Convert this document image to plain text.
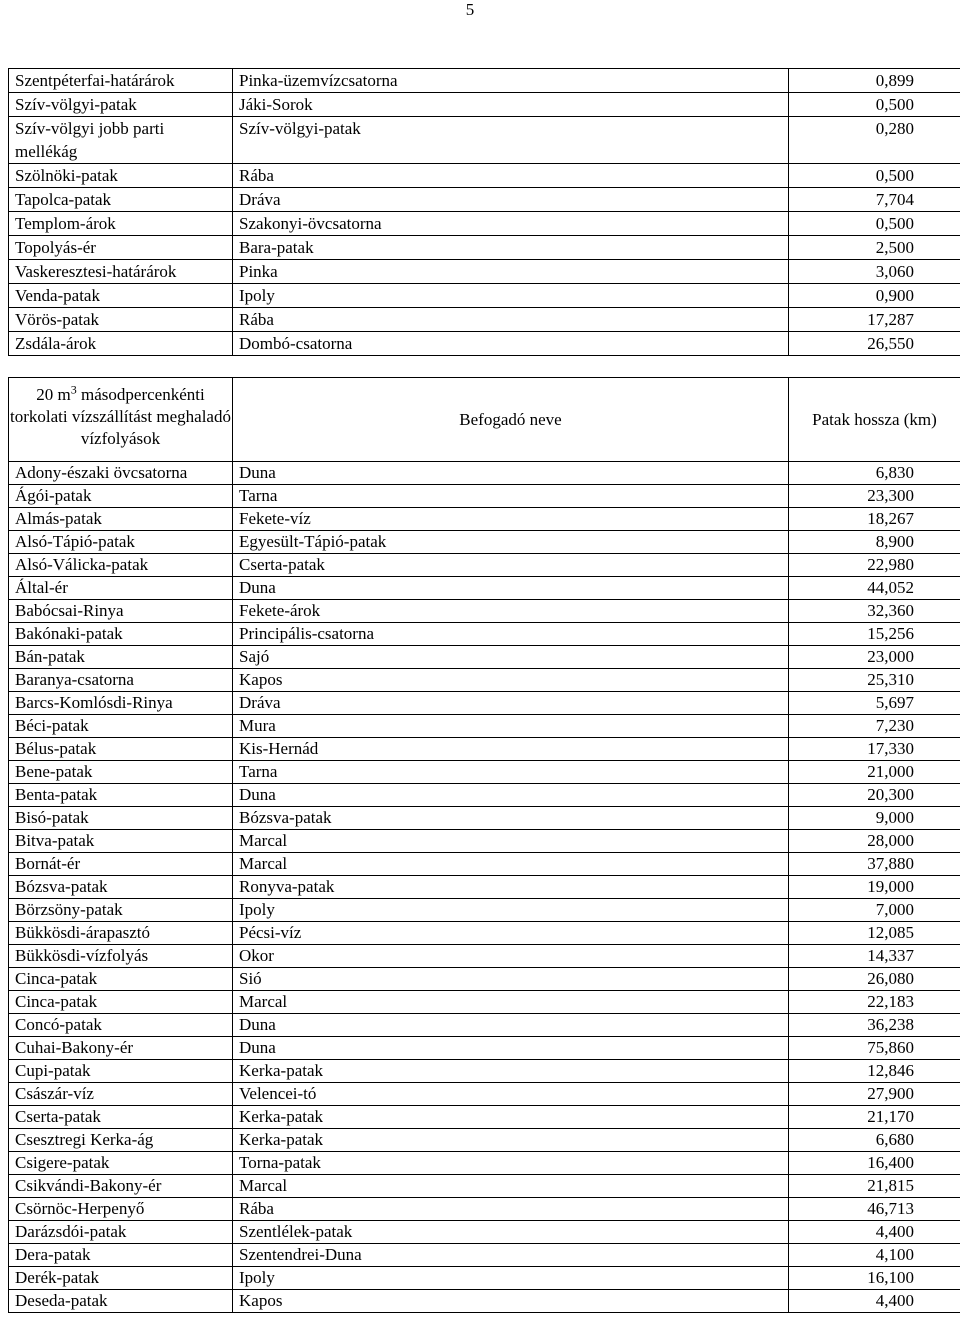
5
Szentpéterfai-határárok	Pinka-üzemvízcsatorna	0,899
Szív-völgyi-patak	Jáki-Sorok	0,500
Szív-völgyi jobb parti mellékág	Szív-völgyi-patak	0,280
Szölnöki-patak	Rába	0,500
Tapolca-patak	Dráva	7,704
Templom-árok	Szakonyi-övcsatorna	0,500
Topolyás-ér	Bara-patak	2,500
Vaskeresztesi-határárok	Pinka	3,060
Venda-patak	Ipoly	0,900
Vörös-patak	Rába	17,287
Zsdála-árok	Dombó-csatorna	26,550
20 $m^3$ másodpercenkénti torkolati vízszállítást meghaladó vízfolyások	Befogadó neve	Patak hossza (km)
Adony-északi övcsatorna	Duna	6,830
Ágói-patak	Tarna	23,300
Almás-patak	Fekete-víz	18,267
Alsó-Tápió-patak	Egyesült-Tápió-patak	8,900
Alsó-Válicka-patak	Cserta-patak	22,980
Által-ér	Duna	44,052
Babócsai-Rinya	Fekete-árok	32,360
Bakónaki-patak	Principális-csatorna	15,256
Bán-patak	Sajó	23,000
Baranya-csatorna	Kapos	25,310
Barcs-Komlósdi-Rinya	Dráva	5,697
Béci-patak	Mura	7,230
Bélus-patak	Kis-Hernád	17,330
Bene-patak	Tarna	21,000
Benta-patak	Duna	20,300
Bisó-patak	Bózsva-patak	9,000
Bitva-patak	Marcal	28,000
Bornát-ér	Marcal	37,880
Bózsva-patak	Ronyva-patak	19,000
Börzsöny-patak	Ipoly	7,000
Bükkösdi-árapasztó	Pécsi-víz	12,085
Bükkösdi-vízfolyás	Okor	14,337
Cinca-patak	Sió	26,080
Cinca-patak	Marcal	22,183
Concó-patak	Duna	36,238
Cuhai-Bakony-ér	Duna	75,860
Cupi-patak	Kerka-patak	12,846
Császár-víz	Velencei-tó	27,900
Cserta-patak	Kerka-patak	21,170
Csesztregi Kerka-ág	Kerka-patak	6,680
Csigere-patak	Torna-patak	16,400
Csikvándi-Bakony-ér	Marcal	21,815
Csörnöc-Herpenyő	Rába	46,713
Darázsdói-patak	Szentlélek-patak	4,400
Dera-patak	Szentendrei-Duna	4,100
Derék-patak	Ipoly	16,100
Deseda-patak	Kapos	4,400
